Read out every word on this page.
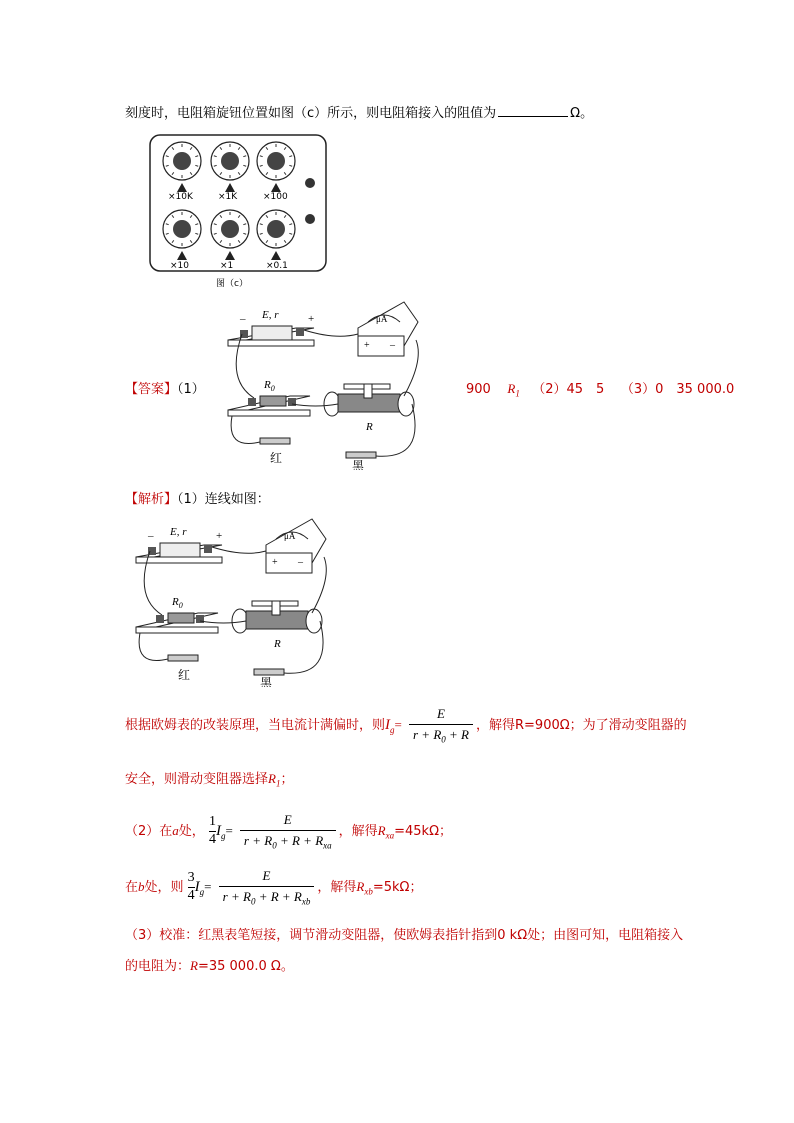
刻度时，电阻箱旋钮位置如图（c）所示，则电阻箱接入的阻值为	Ω。
×10K	×1K	×100
×10	×1	×0.1
图（c）
– E, r	+	μA
+ –
$R_0$
R
红
黑
【答案】（1）	900 $R_1$ （2）45　5 （3）0　35 000.0
【解析】（1）连线如图：
– E, r	+	μA
+ –
$R_0$
R
红
黑
根据欧姆表的改装原理，当电流计满偏时，则$I_g= \frac{E}{r + R_0 + R}$ ，解得R=900Ω；为了滑动变阻器的
安全，则滑动变阻器选择$R_1$；
（2）在a处， $\frac{1}{4} I_g= \frac{E}{r + R_0 + R + R_{xa}}$ ，解得$R_{xa}=45k\Omega$；
在b处，则 $\frac{3}{4} I_g= \frac{E}{r + R_0 + R + R_{xb}}$ ，解得$R_{xb}=5k\Omega$；
（3）校准：红黑表笔短接，调节滑动变阻器，使欧姆表指针指到0 kΩ处；由图可知，电阻箱接入
的电阻为：R=35 000.0 Ω。
